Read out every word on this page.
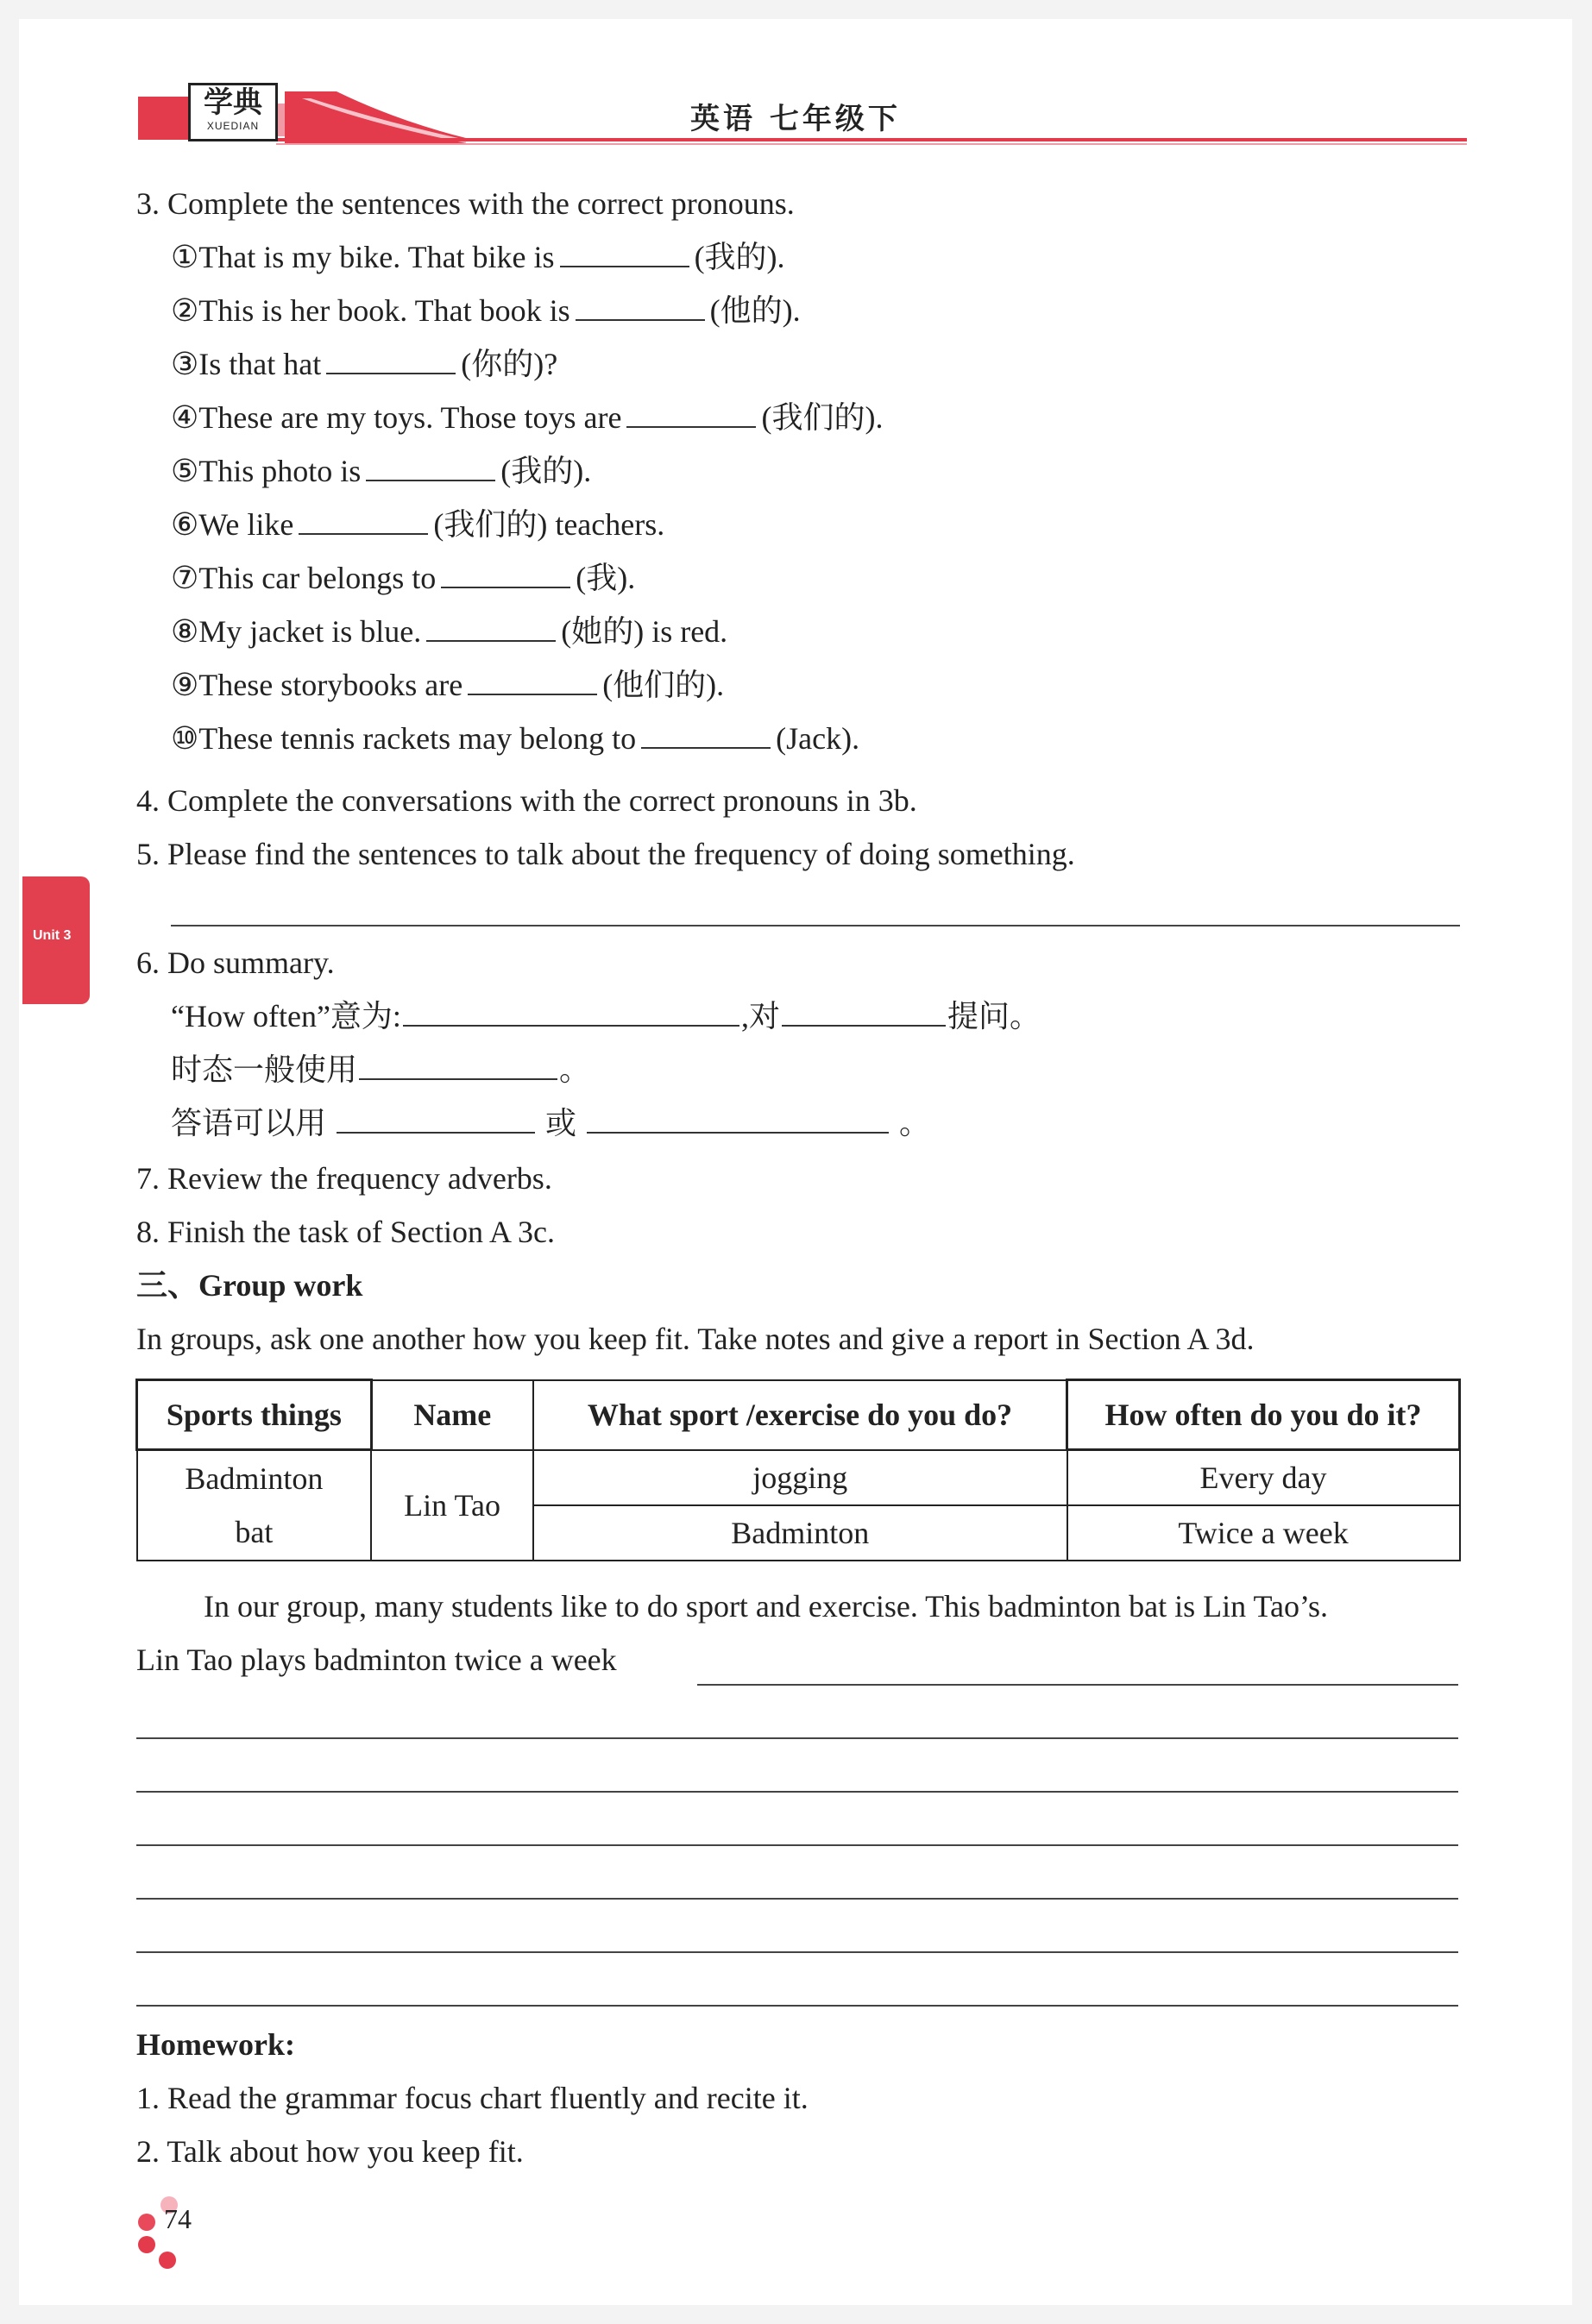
学典
XUEDIAN	英语 七年级下
Unit 3
3. Complete the sentences with the correct pronouns.
①That is my bike. That bike is	(我的).
②This is her book. That book is	(他的).
③Is that hat	(你的)?
④These are my toys. Those toys are	(我们的).
⑤This photo is	(我的).
⑥We like	(我们的) teachers.
⑦This car belongs to	(我).
⑧My jacket is blue.	(她的) is red.
⑨These storybooks are	(他们的).
⑩These tennis rackets may belong to	(Jack).
4. Complete the conversations with the correct pronouns in 3b.
5. Please find the sentences to talk about the frequency of doing something.
6. Do summary.
“How often”意为:	,对	提问。
时态一般使用	。
答语可以用	或	。
7. Review the frequency adverbs.
8. Finish the task of Section A 3c.
三、Group work
In groups, ask one another how you keep fit. Take notes and give a report in Section A 3d.
Sports things	Name	What sport /exercise do you do?	How often do you do it?

Badminton
bat	Lin Tao	jogging	Every day
		Badminton	Twice a week
In our group, many students like to do sport and exercise. This badminton bat is Lin Tao’s.
Lin Tao plays badminton twice a week
Homework:
1. Read the grammar focus chart fluently and recite it.
2. Talk about how you keep fit.
74
